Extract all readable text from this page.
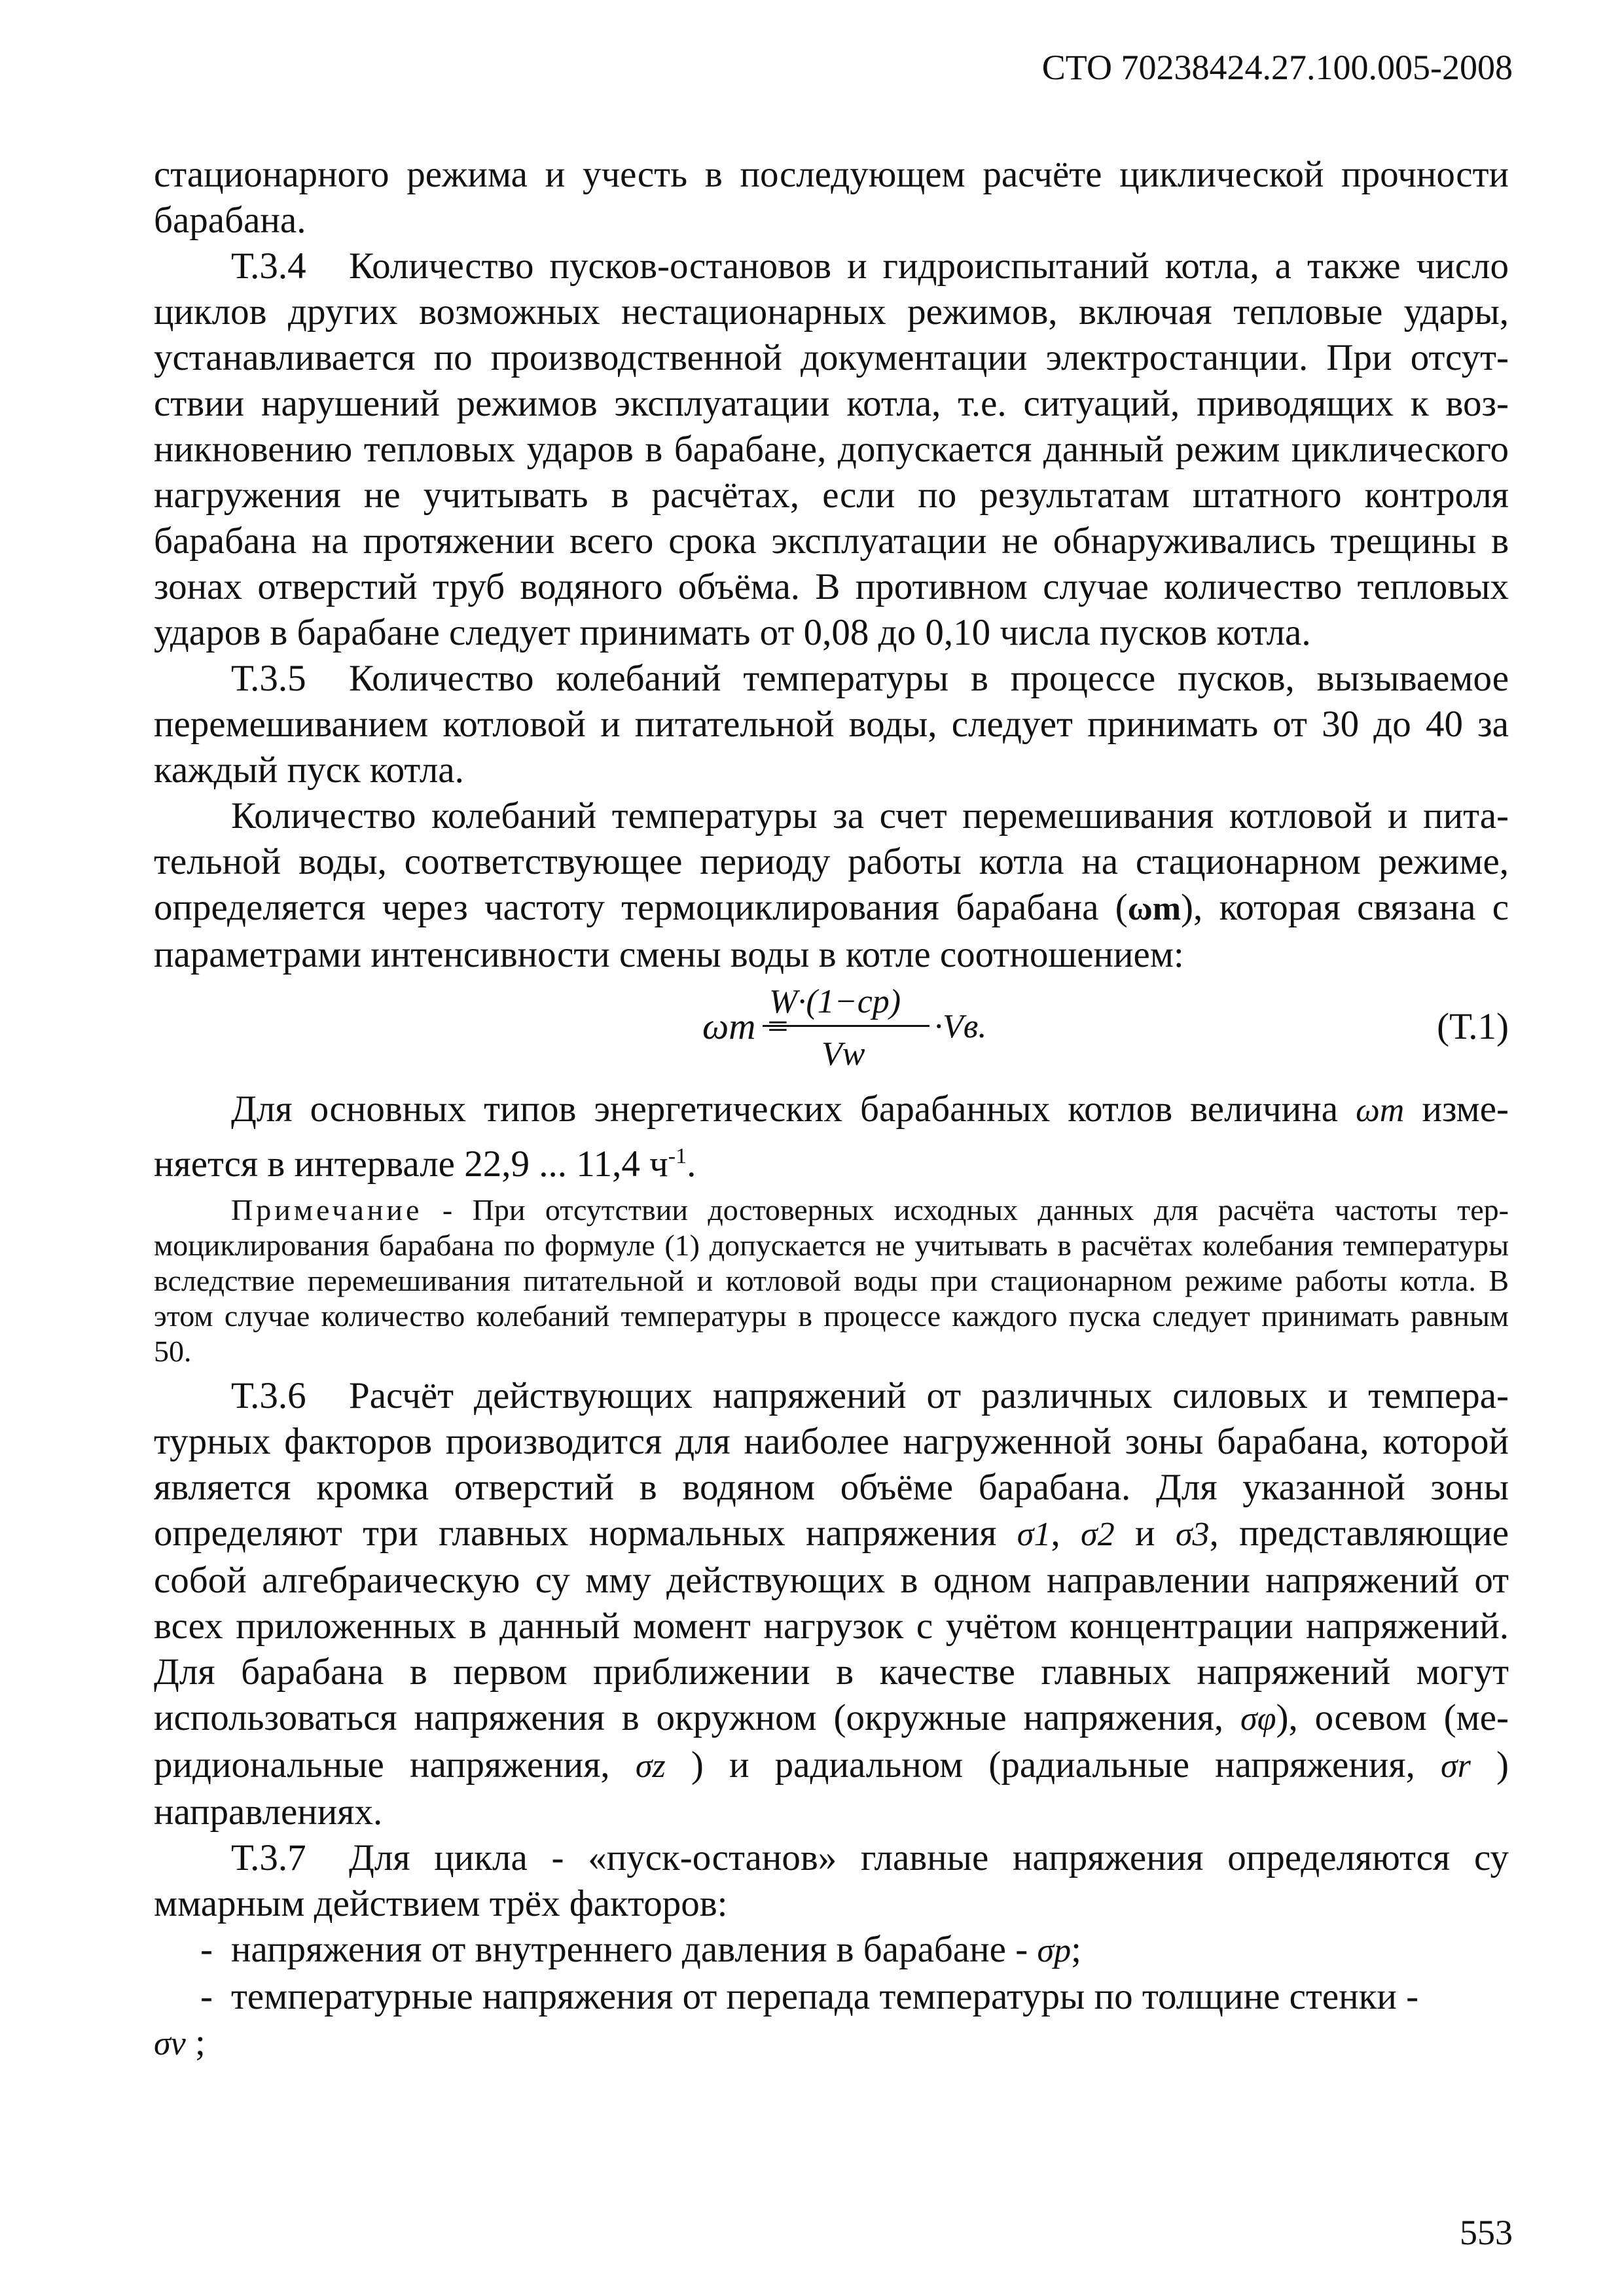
СТО 70238424.27.100.005-2008

стационарного режима и учесть в последующем расчёте циклической прочности барабана.

Т.3.4 Количество пусков-остановов и гидроиспытаний котла, а также число циклов других возможных нестационарных режимов, включая тепловые удары, устанавливается по производственной документации электростанции. При отсутствии нарушений режимов эксплуатации котла, т.е. ситуаций, приводящих к возникновению тепловых ударов в барабане, допускается данный режим циклического нагружения не учитывать в расчётах, если по результатам штатного контроля барабана на протяжении всего срока эксплуатации не обнаруживались трещины в зонах отверстий труб водяного объёма. В противном случае количество тепловых ударов в барабане следует принимать от 0,08 до 0,10 числа пусков котла.

Т.3.5 Количество колебаний температуры в процессе пусков, вызываемое перемешиванием котловой и питательной воды, следует принимать от 30 до 40 за каждый пуск котла.

Количество колебаний температуры за счет перемешивания котловой и питательной воды, соответствующее периоду работы котла на стационарном режиме, определяется через частоту термоциклирования барабана (ωm), которая связана с параметрами интенсивности смены воды в котле соотношением:

ωm =
W·(1−cp)
Vw
·Vв.	(Т.1)

Для основных типов энергетических барабанных котлов величина ωm изменяется в интервале 22,9 ... 11,4 $ч^{-1}$.

Примечание - При отсутствии достоверных исходных данных для расчёта частоты термоциклирования барабана по формуле (1) допускается не учитывать в расчётах колебания температуры вследствие перемешивания питательной и котловой воды при стационарном режиме работы котла. В этом случае количество колебаний температуры в процессе каждого пуска следует принимать равным 50.

Т.3.6 Расчёт действующих напряжений от различных силовых и температурных факторов производится для наиболее нагруженной зоны барабана, которой является кромка отверстий в водяном объёме барабана. Для указанной зоны определяют три главных нормальных напряжения σ1, σ2 и σ3, представляющие собой алгебраическую су мму действующих в одном направлении напряжений от всех приложенных в данный момент нагрузок с учётом концентрации напряжений. Для барабана в первом приближении в качестве главных напряжений могут использоваться напряжения в окружном (окружные напряжения, σφ), осевом (меридиональные напряжения, σz ) и радиальном (радиальные напряжения, σr ) направлениях.

Т.3.7 Для цикла - «пуск-останов» главные напряжения определяются су ммарным действием трёх факторов:

- напряжения от внутреннего давления в барабане - σp;
- температурные напряжения от перепада температуры по толщине стенки -

σv ;

553
